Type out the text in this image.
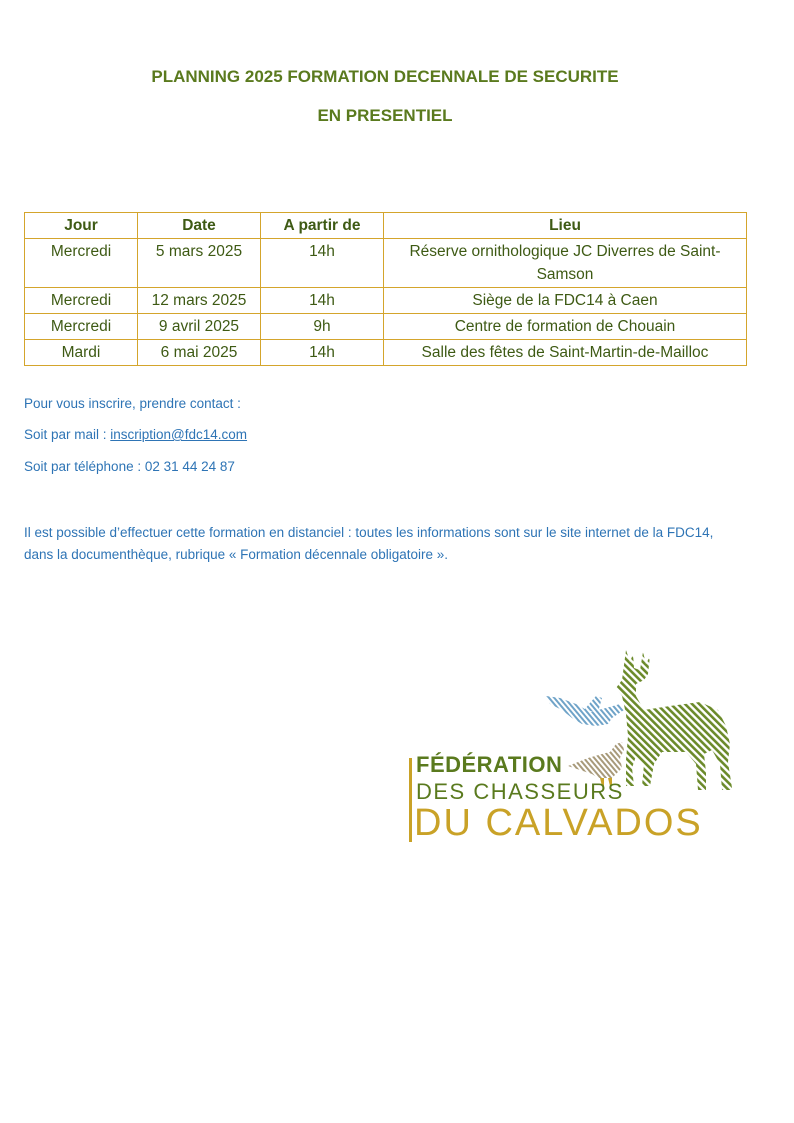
PLANNING 2025 FORMATION DECENNALE DE SECURITE
EN PRESENTIEL
Jour	Date	A partir de	Lieu
Mercredi	5 mars 2025	14h	Réserve ornithologique JC Diverres de Saint-Samson
Mercredi	12 mars 2025	14h	Siège de la FDC14 à Caen
Mercredi	9 avril 2025	9h	Centre de formation de Chouain
Mardi	6 mai 2025	14h	Salle des fêtes de Saint-Martin-de-Mailloc

Pour vous inscrire, prendre contact :

Soit par mail : inscription@fdc14.com

Soit par téléphone : 02 31 44 24 87

Il est possible d’effectuer cette formation en distanciel : toutes les informations sont sur le site internet de la FDC14, dans la documenthèque, rubrique « Formation décennale obligatoire ».

FÉDÉRATION

DES CHASSEURS

DU CALVADOS
